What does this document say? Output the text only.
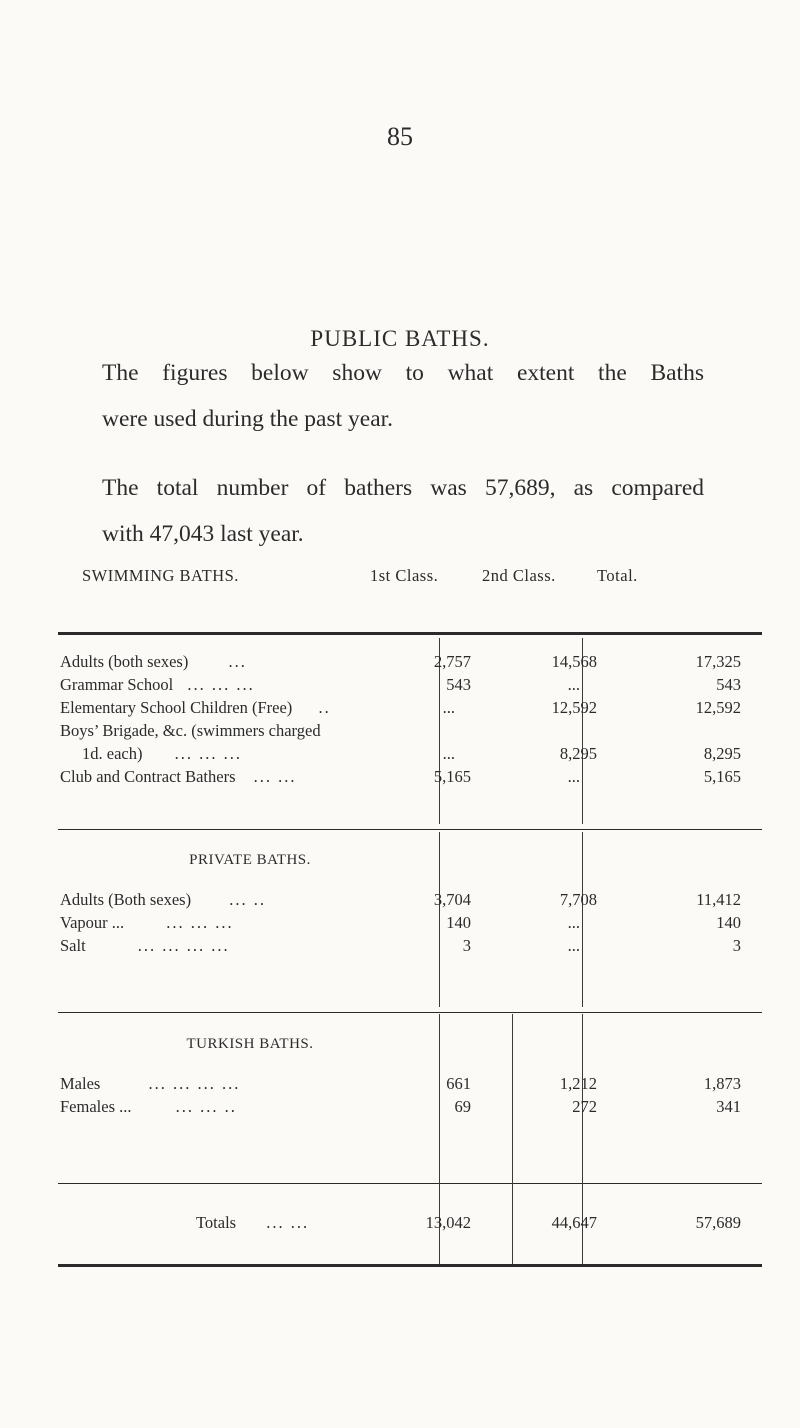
85
PUBLIC BATHS.
The figures below show to what extent the Baths
were used during the past year.
The total number of bathers was 57,689, as compared
with 47,043 last year.
SWIMMING BATHS.	1st Class.	2nd Class. Total.
Adults (both sexes) ...	2,757	14,568	17,325
Grammar School ... ... ...	543	...	543
Elementary School Children (Free) ..	...	12,592	12,592
Boys’ Brigade, &c. (swimmers charged
1d. each) ... ... ...	...	8,295	8,295
Club and Contract Bathers ... ...	5,165	...	5,165
PRIVATE BATHS.
Adults (Both sexes) ... ..	3,704	7,708	11,412
Vapour ...	... ... ...	140	...	140
Salt	... ... ... ...	3	...	3
TURKISH BATHS.
Males	... ... ... ...	661	1,212	1,873
Females ...	... ... ..	69	272	341
Totals ... ...	13,042	44,647	57,689
